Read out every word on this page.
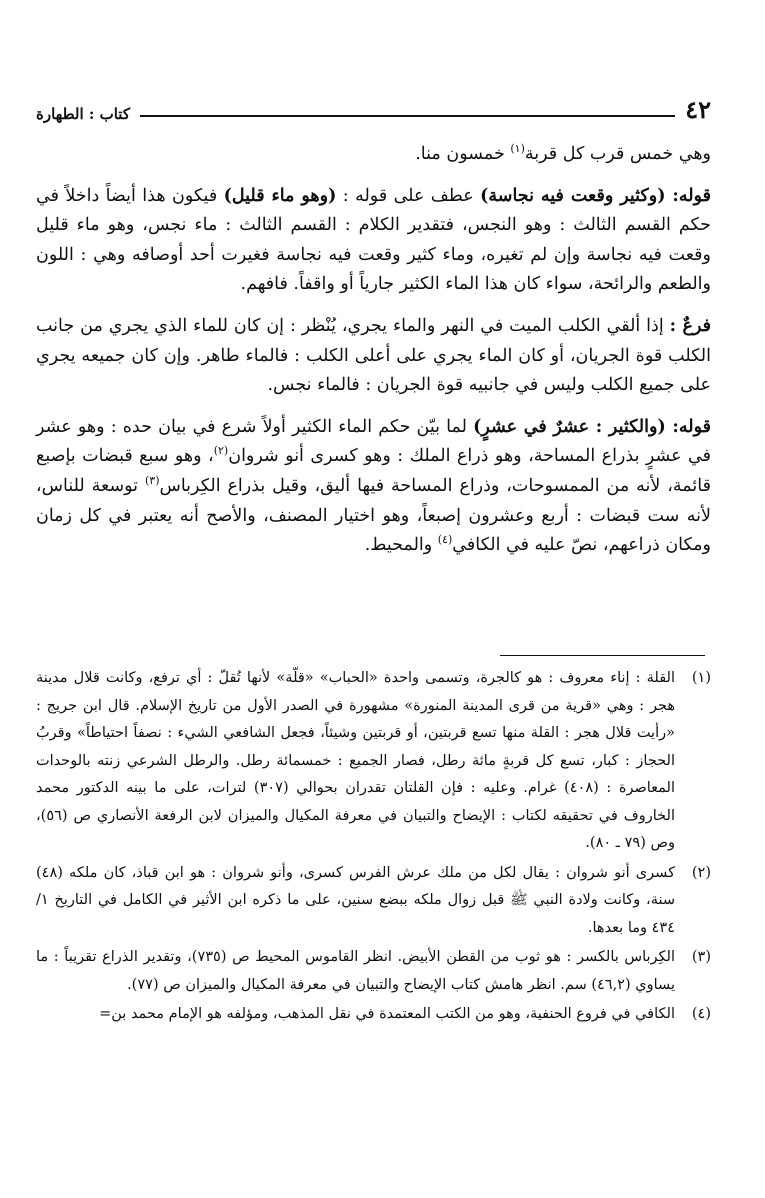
٤٢
كتاب : الطهارة

وهي خمس قرب كل قربة$^{(١)}$ خمسون منا.

قوله: (وكثير وقعت فيه نجاسة) عطف على قوله : (وهو ماء قليل) فيكون هذا أيضاً داخلاً في حكم القسم الثالث : وهو النجس، فتقدير الكلام : القسم الثالث : ماء نجس، وهو ماء قليل وقعت فيه نجاسة وإن لم تغيره، وماء كثير وقعت فيه نجاسة فغيرت أحد أوصافه وهي : اللون والطعم والرائحة، سواء كان هذا الماء الكثير جارياً أو واقفاً. فافهم.

فرعٌ : إذا ألقي الكلب الميت في النهر والماء يجري، يُنْظر : إن كان للماء الذي يجري من جانب الكلب قوة الجريان، أو كان الماء يجري على أعلى الكلب : فالماء طاهر. وإن كان جميعه يجري على جميع الكلب وليس في جانبيه قوة الجريان : فالماء نجس.

قوله: (والكثير : عشرٌ في عشرٍ) لما بيّن حكم الماء الكثير أولاً شرع في بيان حده : وهو عشر في عشرٍ بذراع المساحة، وهو ذراع الملك : وهو كسرى أنو شروان$^{(٢)}$، وهو سبع قبضات بإصبع قائمة، لأنه من الممسوحات، وذراع المساحة فيها أليق، وقيل بذراع الكِرباس$^{(٣)}$ توسعة للناس، لأنه ست قبضات : أربع وعشرون إصبعاً، وهو اختيار المصنف، والأصح أنه يعتبر في كل زمان ومكان ذراعهم، نصّ عليه في الكافي$^{(٤)}$ والمحيط.

(١)
القلة : إناء معروف : هو كالجرة، وتسمى واحدة «الحباب» «قلّة» لأنها تُقلّ : أي ترفع، وكانت قلال مدينة هجر : وهي «قرية من قرى المدينة المنورة» مشهورة في الصدر الأول من تاريخ الإسلام. قال ابن جريج : «رأيت قلال هجر : القلة منها تسع قربتين، أو قربتين وشيئاً، فجعل الشافعي الشيء : نصفاً احتياطاً» وقربُ الحجاز : كبار، تسع كل قربةٍ مائة رطل، فصار الجميع : خمسمائة رطل. والرطل الشرعي زنته بالوحدات المعاصرة : (٤٠٨) غرام. وعليه : فإن القلتان تقدران بحوالي (٣٠٧) لترات، على ما بينه الدكتور محمد الخاروف في تحقيقه لكتاب : الإيضاح والتبيان في معرفة المكيال والميزان لابن الرفعة الأنصاري ص (٥٦)، وص (٧٩ ـ ٨٠).
(٢)
كسرى أنو شروان : يقال لكل من ملك عرش الفرس كسرى، وأنو شروان : هو ابن قباذ، كان ملكه (٤٨) سنة، وكانت ولادة النبي ﷺ قبل زوال ملكه ببضع سنين، على ما ذكره ابن الأثير في الكامل في التاريخ ١/ ٤٣٤ وما بعدها.
(٣)
الكِرباس بالكسر : هو ثوب من القطن الأبيض. انظر القاموس المحيط ص (٧٣٥)، وتقدير الذراع تقريباً : ما يساوي (٤٦,٢) سم. انظر هامش كتاب الإيضاح والتبيان في معرفة المكيال والميزان ص (٧٧).
(٤)
الكافي في فروع الحنفية، وهو من الكتب المعتمدة في نقل المذهب، ومؤلفه هو الإمام محمد بن=
